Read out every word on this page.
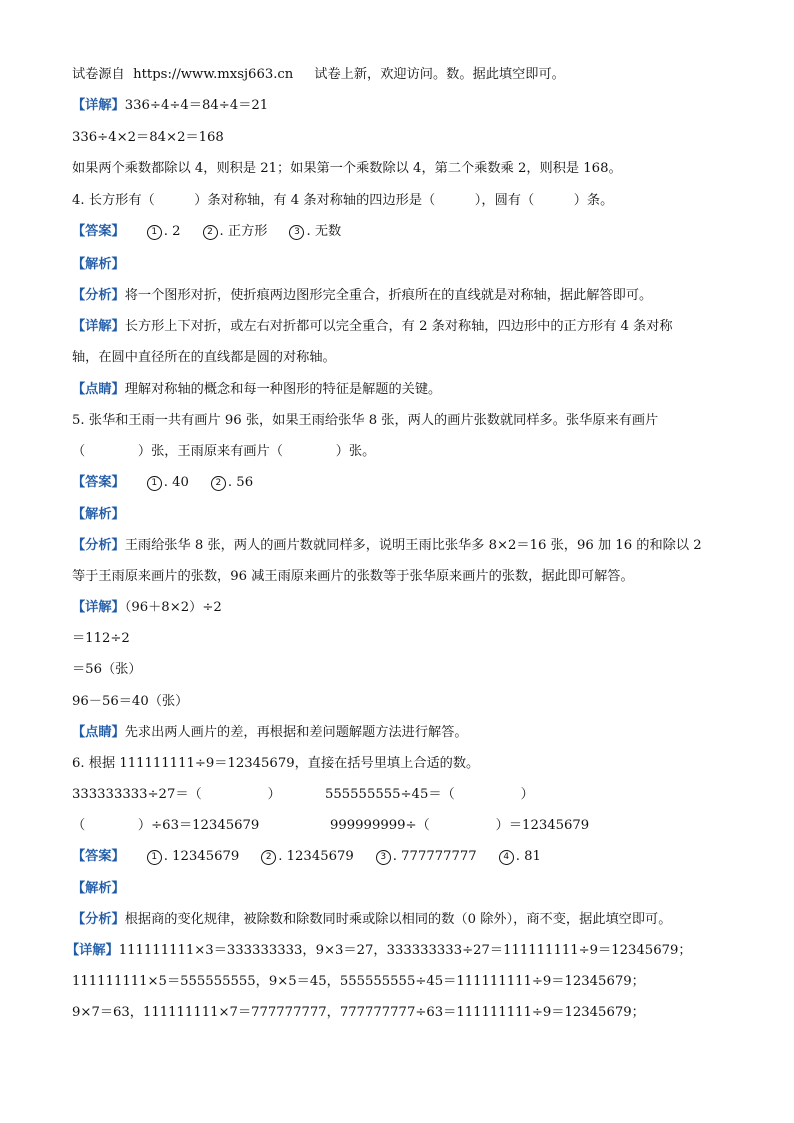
试卷源自 https://www.mxsj663.cn 试卷上新，欢迎访问。数。据此填空即可。
【详解】336÷4÷4＝84÷4＝21
336÷4×2＝84×2＝168
如果两个乘数都除以 4，则积是 21；如果第一个乘数除以 4，第二个乘数乘 2，则积是 168。
4. 长方形有（　　　）条对称轴，有 4 条对称轴的四边形是（　　　），圆有（　　　）条。
【答案】	1 . 2	2 . 正方形	3 . 无数
【解析】
【分析】将一个图形对折，使折痕两边图形完全重合，折痕所在的直线就是对称轴，据此解答即可。
【详解】长方形上下对折，或左右对折都可以完全重合，有 2 条对称轴，四边形中的正方形有 4 条对称
轴，在圆中直径所在的直线都是圆的对称轴。
【点睛】理解对称轴的概念和每一种图形的特征是解题的关键。
5. 张华和王雨一共有画片 96 张，如果王雨给张华 8 张，两人的画片张数就同样多。张华原来有画片
（　　　　）张，王雨原来有画片（　　　　）张。
【答案】	1 . 40	2 . 56
【解析】
【分析】王雨给张华 8 张，两人的画片数就同样多，说明王雨比张华多 8×2＝16 张，96 加 16 的和除以 2
等于王雨原来画片的张数，96 减王雨原来画片的张数等于张华原来画片的张数，据此即可解答。
【详解】（96＋8×2）÷2
＝112÷2
＝56（张）
96－56＝40（张）
【点睛】先求出两人画片的差，再根据和差问题解题方法进行解答。
6. 根据 111111111÷9＝12345679，直接在括号里填上合适的数。
333333333÷27＝（　　　　　）	555555555÷45＝（　　　　　）
（　　　　）÷63＝12345679	999999999÷（　　　　　）＝12345679
【答案】	1 . 12345679	2 . 12345679	3 . 777777777	4 . 81
【解析】
【分析】根据商的变化规律，被除数和除数同时乘或除以相同的数（0 除外），商不变，据此填空即可。
【详解】111111111×3＝333333333，9×3＝27，333333333÷27＝111111111÷9＝12345679；
111111111×5＝555555555，9×5＝45，555555555÷45＝111111111÷9＝12345679；
9×7＝63，111111111×7＝777777777，777777777÷63＝111111111÷9＝12345679；
